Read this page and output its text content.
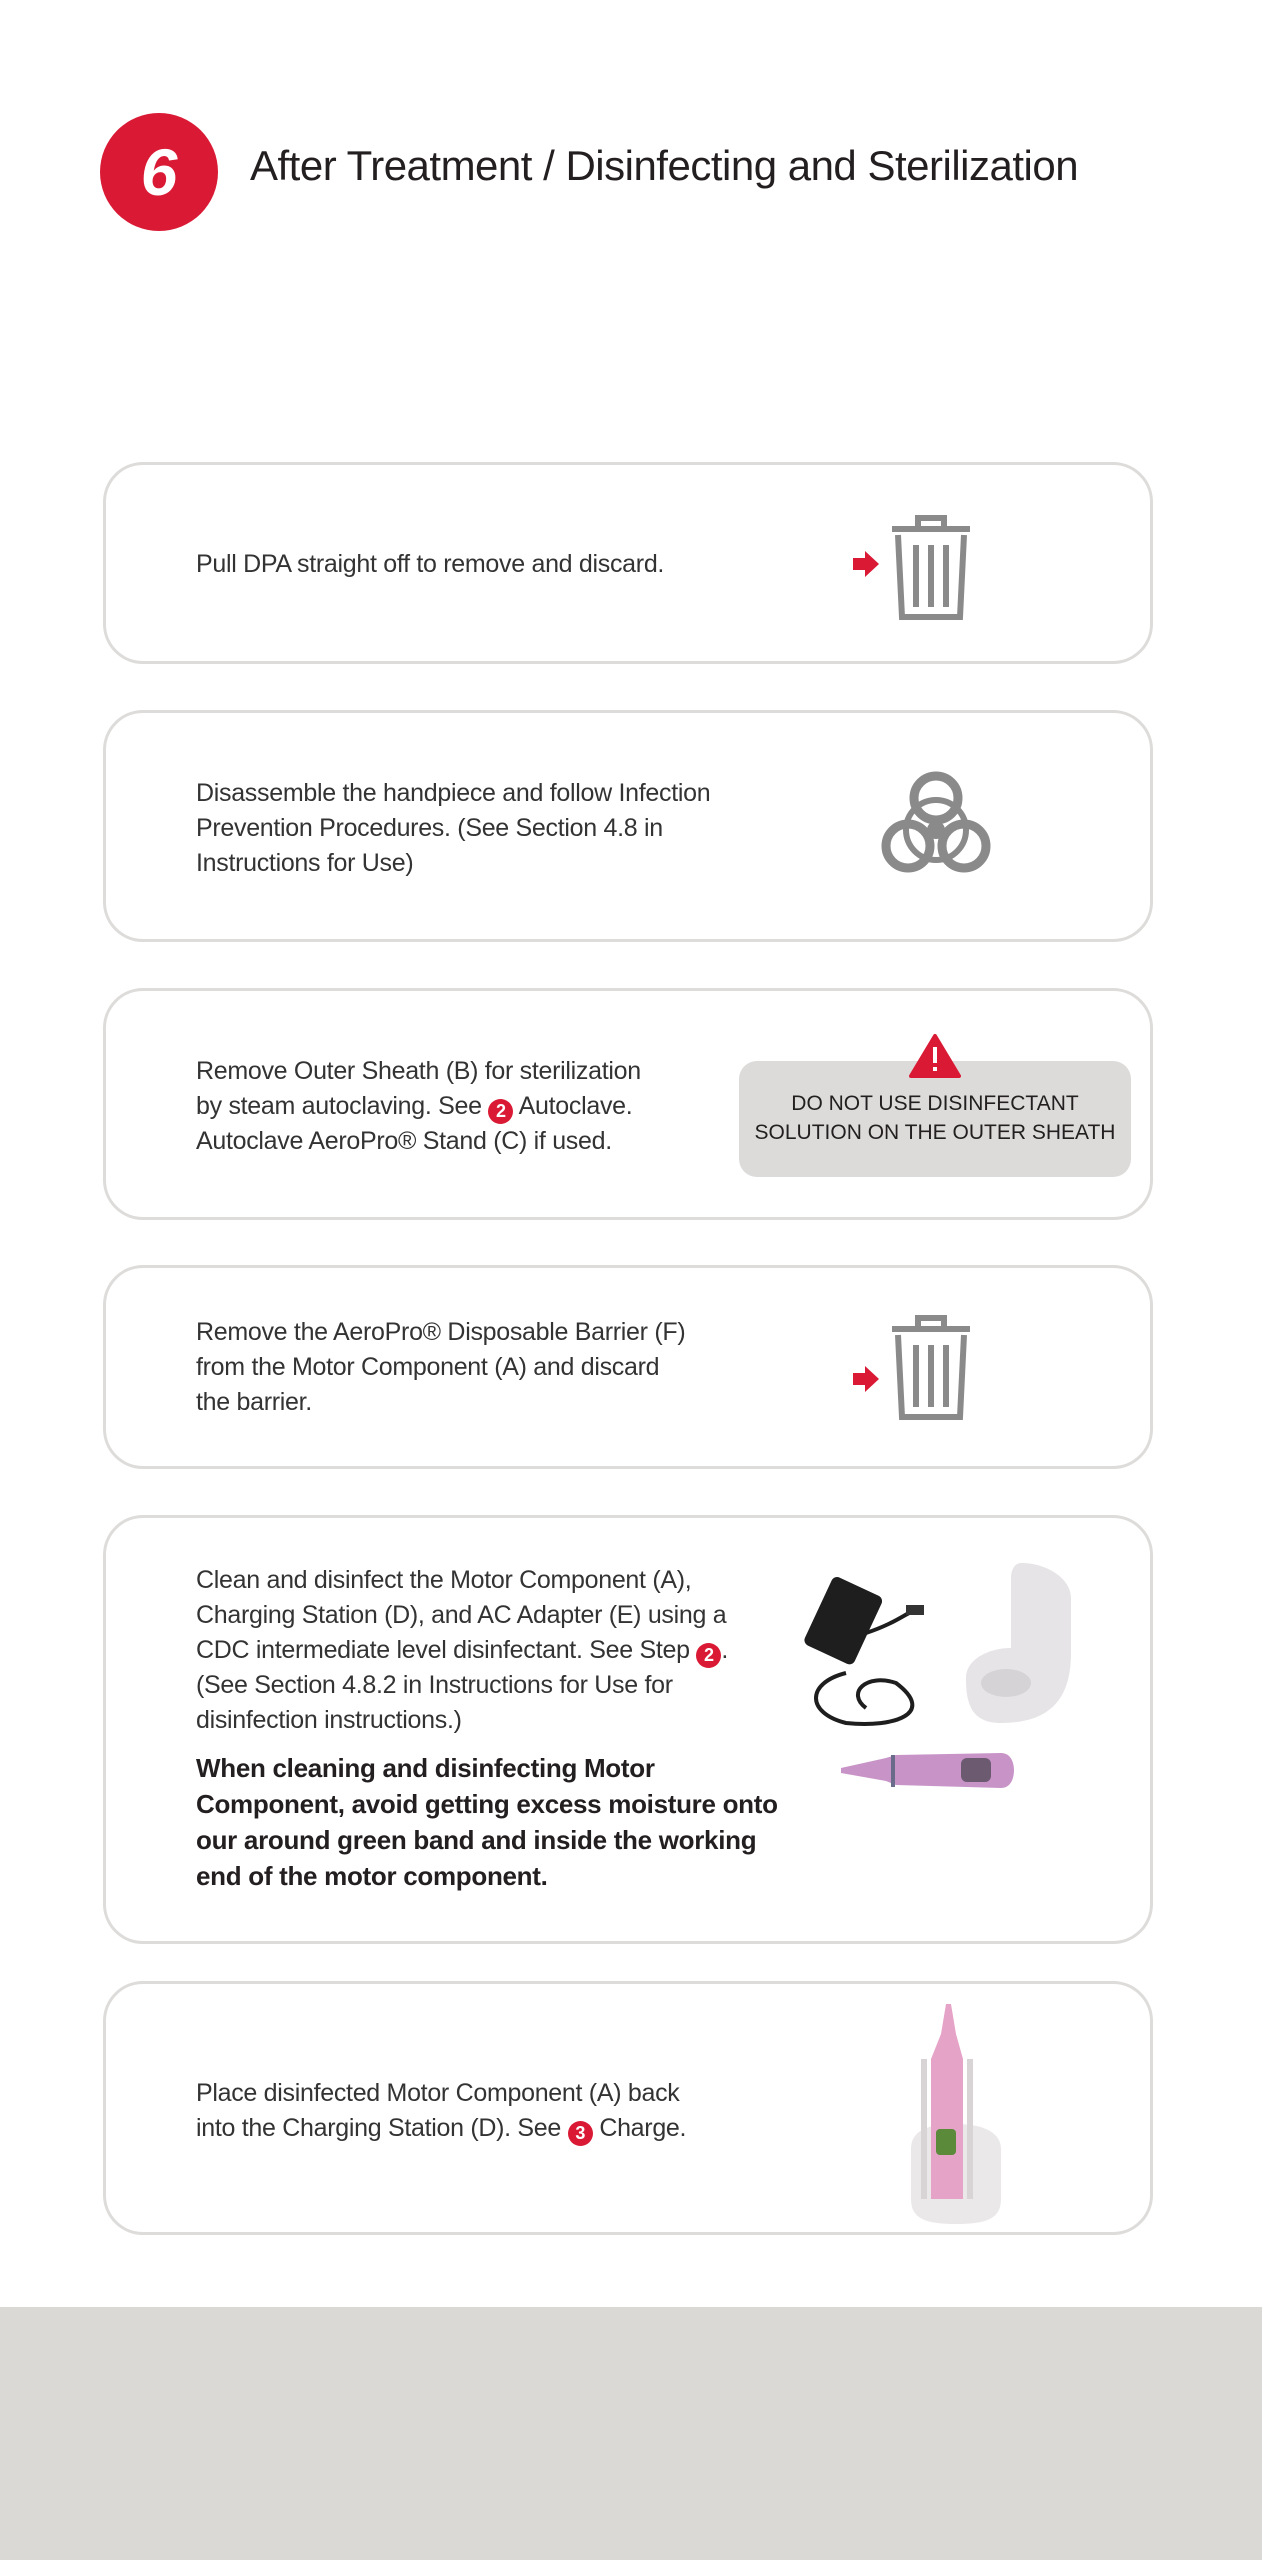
6	After Treatment / Disinfecting and Sterilization
Pull DPA straight off to remove and discard.
Disassemble the handpiece and follow Infection
Prevention Procedures. (See Section 4.8 in
Instructions for Use)
Remove Outer Sheath (B) for sterilization
by steam autoclaving. See 2 Autoclave.
Autoclave AeroPro® Stand (C) if used.
DO NOT USE DISINFECTANT
SOLUTION ON THE OUTER SHEATH
Remove the AeroPro® Disposable Barrier (F)
from the Motor Component (A) and discard
the barrier.
Clean and disinfect the Motor Component (A),
Charging Station (D), and AC Adapter (E) using a
CDC intermediate level disinfectant. See Step 2 .
(See Section 4.8.2 in Instructions for Use for
disinfection instructions.)
When cleaning and disinfecting Motor
Component, avoid getting excess moisture onto
our around green band and inside the working
end of the motor component.
Place disinfected Motor Component (A) back
into the Charging Station (D). See 3 Charge.
